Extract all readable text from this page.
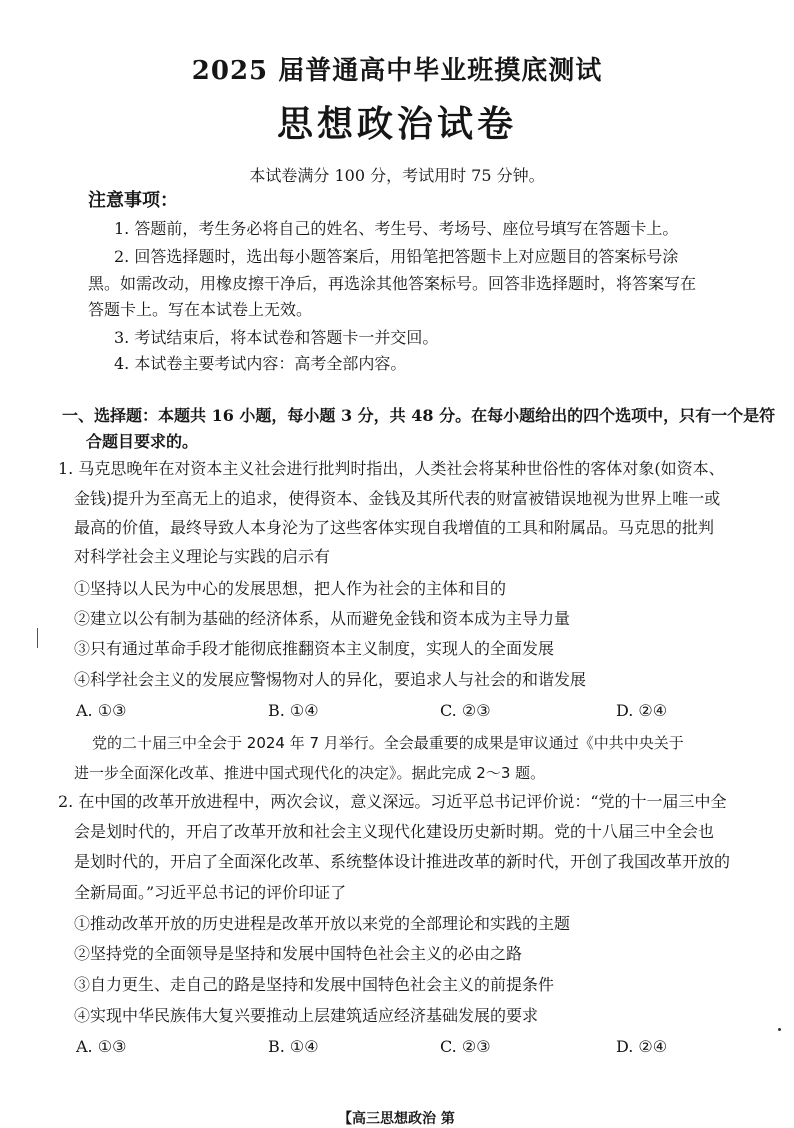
2025 届普通高中毕业班摸底测试
思想政治试卷
本试卷满分 100 分，考试用时 75 分钟。
注意事项：
1. 答题前，考生务必将自己的姓名、考生号、考场号、座位号填写在答题卡上。
2. 回答选择题时，选出每小题答案后，用铅笔把答题卡上对应题目的答案标号涂
黑。如需改动，用橡皮擦干净后，再选涂其他答案标号。回答非选择题时，将答案写在
答题卡上。写在本试卷上无效。
3. 考试结束后，将本试卷和答题卡一并交回。
4. 本试卷主要考试内容：高考全部内容。
一、选择题：本题共 16 小题，每小题 3 分，共 48 分。在每小题给出的四个选项中，只有一个是符
合题目要求的。
1. 马克思晚年在对资本主义社会进行批判时指出，人类社会将某种世俗性的客体对象(如资本、
金钱)提升为至高无上的追求，使得资本、金钱及其所代表的财富被错误地视为世界上唯一或
最高的价值，最终导致人本身沦为了这些客体实现自我增值的工具和附属品。马克思的批判
对科学社会主义理论与实践的启示有
①坚持以人民为中心的发展思想，把人作为社会的主体和目的
②建立以公有制为基础的经济体系，从而避免金钱和资本成为主导力量
③只有通过革命手段才能彻底推翻资本主义制度，实现人的全面发展
④科学社会主义的发展应警惕物对人的异化，要追求人与社会的和谐发展
A. ①③	B. ①④	C. ②③	D. ②④
党的二十届三中全会于 2024 年 7 月举行。全会最重要的成果是审议通过《中共中央关于
进一步全面深化改革、推进中国式现代化的决定》。据此完成 2～3 题。
2. 在中国的改革开放进程中，两次会议，意义深远。习近平总书记评价说：“党的十一届三中全
会是划时代的，开启了改革开放和社会主义现代化建设历史新时期。党的十八届三中全会也
是划时代的，开启了全面深化改革、系统整体设计推进改革的新时代，开创了我国改革开放的
全新局面。”习近平总书记的评价印证了
①推动改革开放的历史进程是改革开放以来党的全部理论和实践的主题
②坚持党的全面领导是坚持和发展中国特色社会主义的必由之路
③自力更生、走自己的路是坚持和发展中国特色社会主义的前提条件
④实现中华民族伟大复兴要推动上层建筑适应经济基础发展的要求
A. ①③	B. ①④	C. ②③	D. ②④
【高三思想政治 第
